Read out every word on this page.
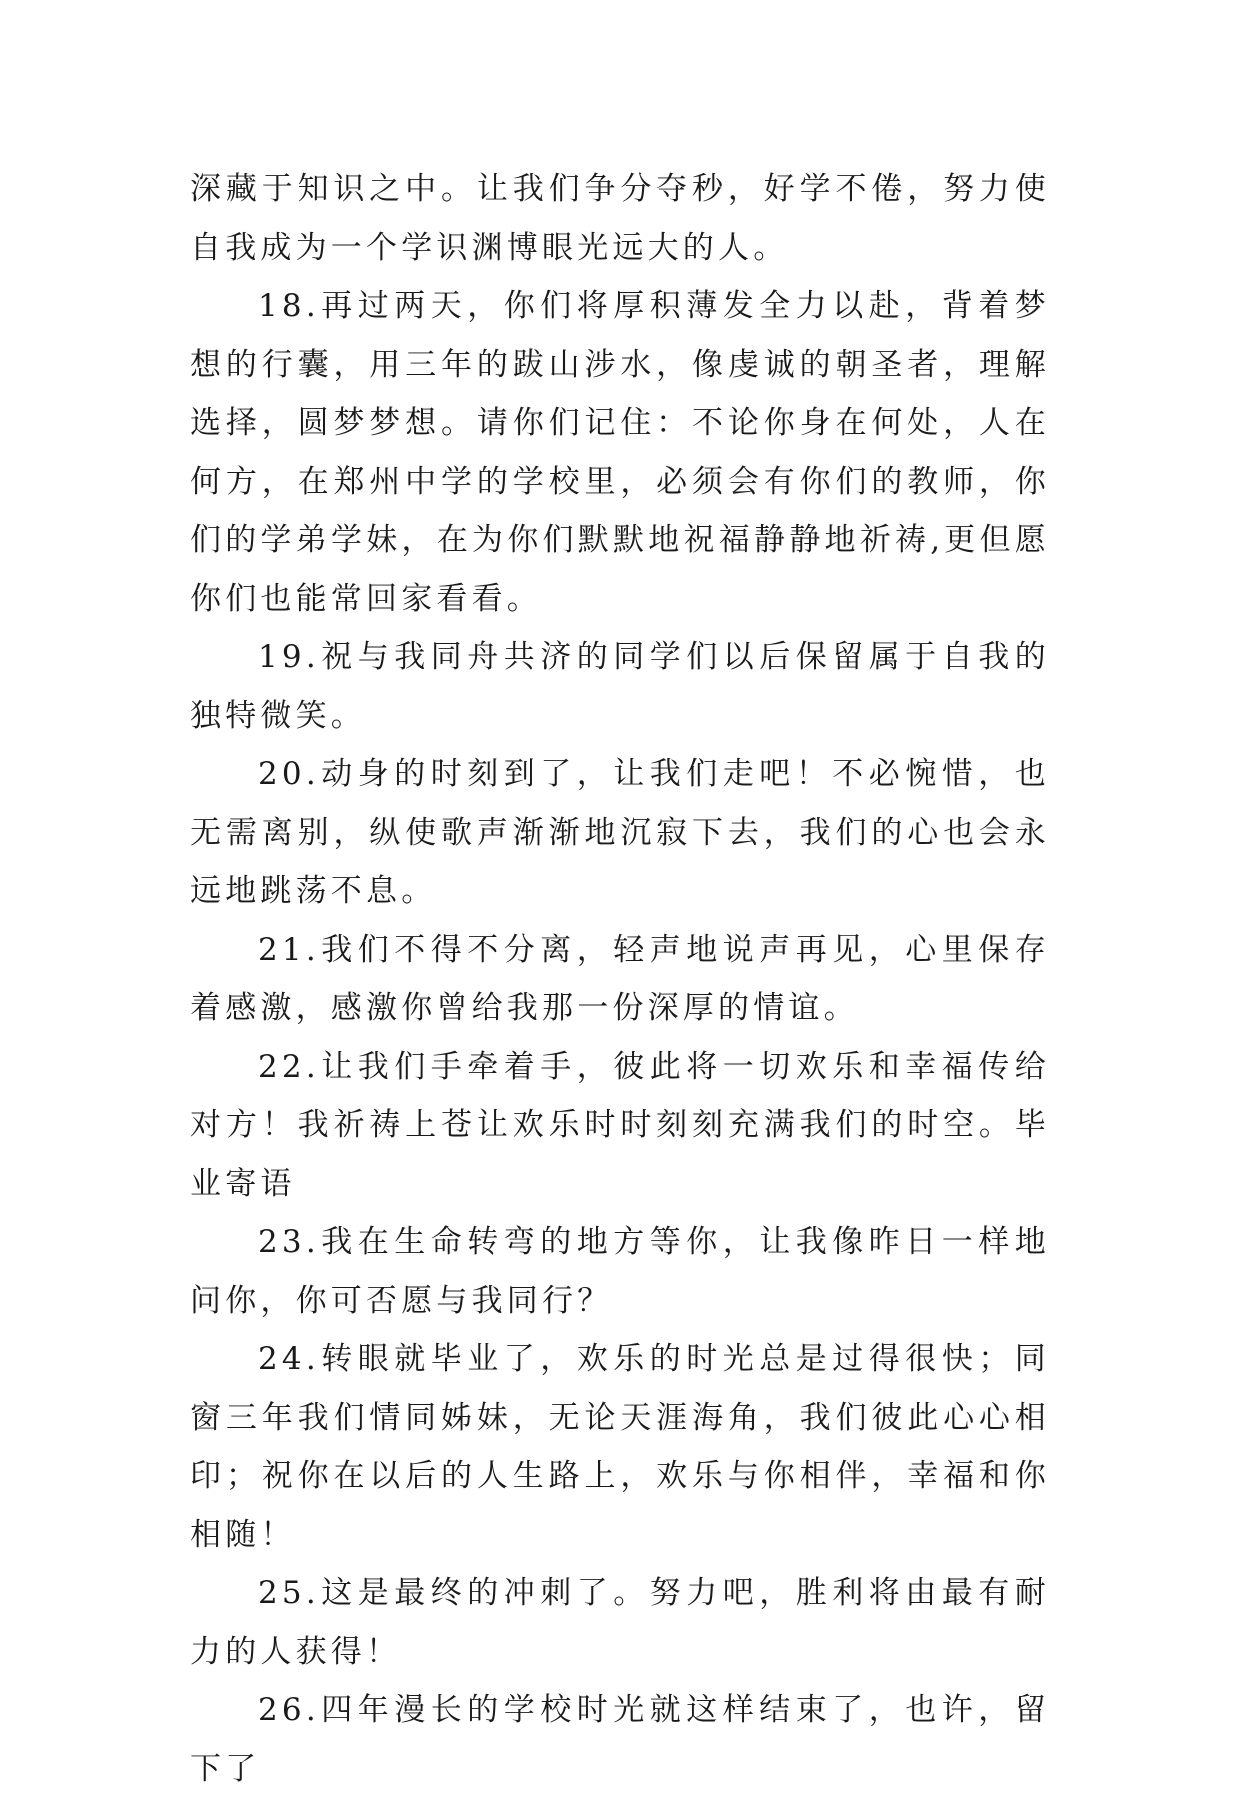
深藏于知识之中。让我们争分夺秒，好学不倦，努力使自我成为一个学识渊博眼光远大的人。

18.再过两天，你们将厚积薄发全力以赴，背着梦想的行囊，用三年的跋山涉水，像虔诚的朝圣者，理解选择，圆梦梦想。请你们记住：不论你身在何处，人在何方，在郑州中学的学校里，必须会有你们的教师，你们的学弟学妹，在为你们默默地祝福静静地祈祷,更但愿你们也能常回家看看。

19.祝与我同舟共济的同学们以后保留属于自我的独特微笑。

20.动身的时刻到了，让我们走吧！不必惋惜，也无需离别，纵使歌声渐渐地沉寂下去，我们的心也会永远地跳荡不息。

21.我们不得不分离，轻声地说声再见，心里保存着感激，感激你曾给我那一份深厚的情谊。

22.让我们手牵着手，彼此将一切欢乐和幸福传给对方！我祈祷上苍让欢乐时时刻刻充满我们的时空。毕业寄语

23.我在生命转弯的地方等你，让我像昨日一样地问你，你可否愿与我同行？

24.转眼就毕业了，欢乐的时光总是过得很快；同窗三年我们情同姊妹，无论天涯海角，我们彼此心心相印；祝你在以后的人生路上，欢乐与你相伴，幸福和你相随！

25.这是最终的冲刺了。努力吧，胜利将由最有耐力的人获得！

26.四年漫长的学校时光就这样结束了，也许，留下了
